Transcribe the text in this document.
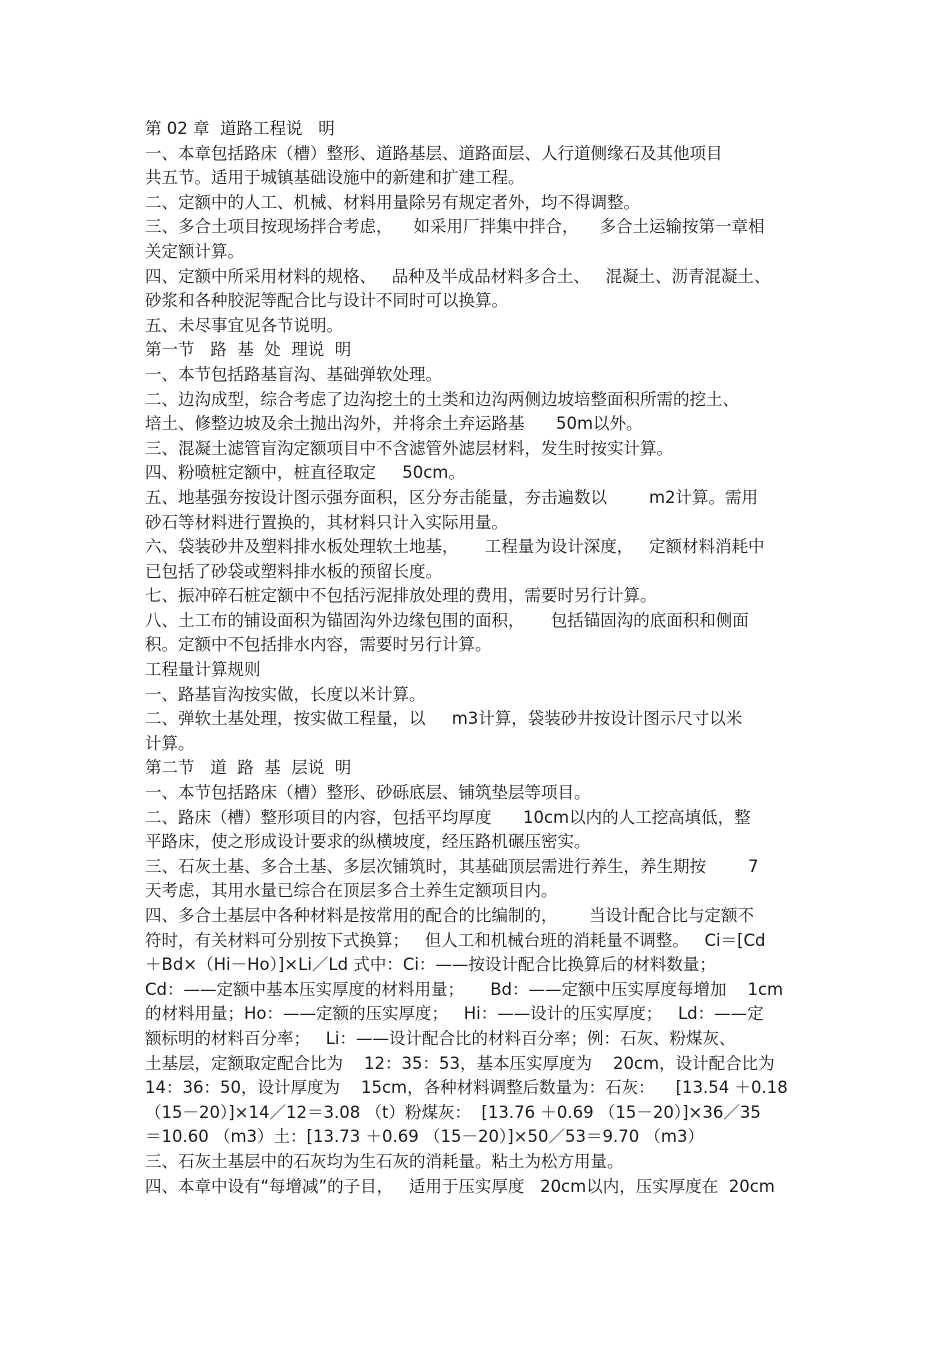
第 02 章  道路工程说   明
一、本章包括路床（槽）整形、道路基层、道路面层、人行道侧缘石及其他项目
共五节。适用于城镇基础设施中的新建和扩建工程。
二、定额中的人工、机械、材料用量除另有规定者外，均不得调整。
三、多合土项目按现场拌合考虑，    如采用厂拌集中拌合，    多合土运输按第一章相
关定额计算。
四、定额中所采用材料的规格、   品种及半成品材料多合土、   混凝土、沥青混凝土、
砂浆和各种胶泥等配合比与设计不同时可以换算。
五、未尽事宜见各节说明。
第一节   路  基  处  理说  明
一、本节包括路基盲沟、基础弹软处理。
二、边沟成型，综合考虑了边沟挖土的土类和边沟两侧边坡培整面积所需的挖土、
培土、修整边坡及余土抛出沟外，并将余土弃运路基      50m以外。
三、混凝土滤管盲沟定额项目中不含滤管外滤层材料，发生时按实计算。
四、粉喷桩定额中，桩直径取定     50cm。
五、地基强夯按设计图示强夯面积，区分夯击能量，夯击遍数以        m2计算。需用
砂石等材料进行置换的，其材料只计入实际用量。
六、袋装砂井及塑料排水板处理软土地基，     工程量为设计深度，   定额材料消耗中
已包括了砂袋或塑料排水板的预留长度。
七、振冲碎石桩定额中不包括污泥排放处理的费用，需要时另行计算。
八、土工布的铺设面积为锚固沟外边缘包围的面积，     包括锚固沟的底面积和侧面
积。定额中不包括排水内容，需要时另行计算。
工程量计算规则
一、路基盲沟按实做，长度以米计算。
二、弹软土基处理，按实做工程量，以     m3计算，袋装砂井按设计图示尺寸以米
计算。
第二节   道  路  基  层说  明
一、本节包括路床（槽）整形、砂砾底层、铺筑垫层等项目。
二、路床（槽）整形项目的内容，包括平均厚度      10cm以内的人工挖高填低，整
平路床，使之形成设计要求的纵横坡度，经压路机碾压密实。
三、石灰土基、多合土基、多层次铺筑时，其基础顶层需进行养生，养生期按        7
天考虑，其用水量已综合在顶层多合土养生定额项目内。
四、多合土基层中各种材料是按常用的配合的比编制的，      当设计配合比与定额不
符时，有关材料可分别按下式换算；   但人工和机械台班的消耗量不调整。   Ci＝[Cd
＋Bd×（Hi－Ho）]×Li／Ld 式中：Ci：——按设计配合比换算后的材料数量；
Cd：——定额中基本压实厚度的材料用量；     Bd：——定额中压实厚度每增加    1cm
的材料用量；Ho：——定额的压实厚度；   Hi：——设计的压实厚度；   Ld：——定
额标明的材料百分率；   Li：——设计配合比的材料百分率；例：石灰、粉煤灰、
土基层，定额取定配合比为    12：35：53，基本压实厚度为    20cm，设计配合比为
14：36：50，设计厚度为    15cm，各种材料调整后数量为：石灰：    [13.54 ＋0.18
（15－20）]×14／12＝3.08 （t）粉煤灰：  [13.76 ＋0.69 （15－20）]×36／35
＝10.60 （m3）土：[13.73 ＋0.69 （15－20）]×50／53＝9.70 （m3）
三、石灰土基层中的石灰均为生石灰的消耗量。粘土为松方用量。
四、本章中设有“每增减”的子目，   适用于压实厚度   20cm以内，压实厚度在  20cm
